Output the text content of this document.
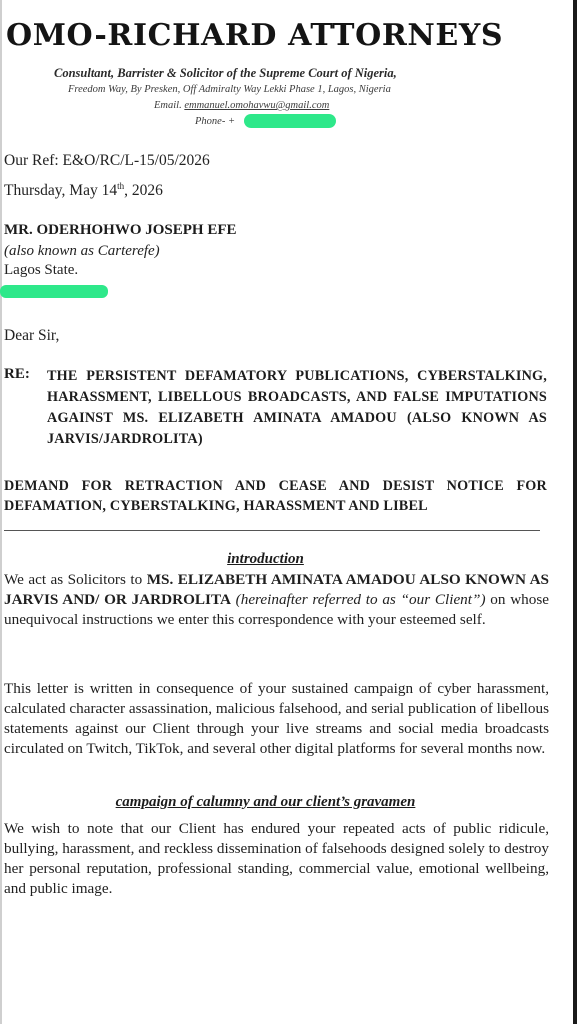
OMO-RICHARD ATTORNEYS
Consultant, Barrister & Solicitor of the Supreme Court of Nigeria,
Freedom Way, By Presken, Off Admiralty Way Lekki Phase 1, Lagos, Nigeria
Email. emmanuel.omohavwu@gmail.com
Phone- +
Our Ref: E&O/RC/L-15/05/2026
Thursday, May 14th, 2026
MR. ODERHOHWO JOSEPH EFE
(also known as Carterefe)
Lagos State.
Dear Sir,
RE: THE PERSISTENT DEFAMATORY PUBLICATIONS, CYBERSTALKING, HARASSMENT, LIBELLOUS BROADCASTS, AND FALSE IMPUTATIONS AGAINST MS. ELIZABETH AMINATA AMADOU (ALSO KNOWN AS JARVIS/JARDROLITA)
DEMAND FOR RETRACTION AND CEASE AND DESIST NOTICE FOR DEFAMATION, CYBERSTALKING, HARASSMENT AND LIBEL
introduction
We act as Solicitors to MS. ELIZABETH AMINATA AMADOU ALSO KNOWN AS JARVIS AND/ OR JARDROLITA (hereinafter referred to as “our Client”) on whose unequivocal instructions we enter this correspondence with your esteemed self.
This letter is written in consequence of your sustained campaign of cyber harassment, calculated character assassination, malicious falsehood, and serial publication of libellous statements against our Client through your live streams and social media broadcasts circulated on Twitch, TikTok, and several other digital platforms for several months now.
campaign of calumny and our client’s gravamen
We wish to note that our Client has endured your repeated acts of public ridicule, bullying, harassment, and reckless dissemination of falsehoods designed solely to destroy her personal reputation, professional standing, commercial value, emotional wellbeing, and public image.
